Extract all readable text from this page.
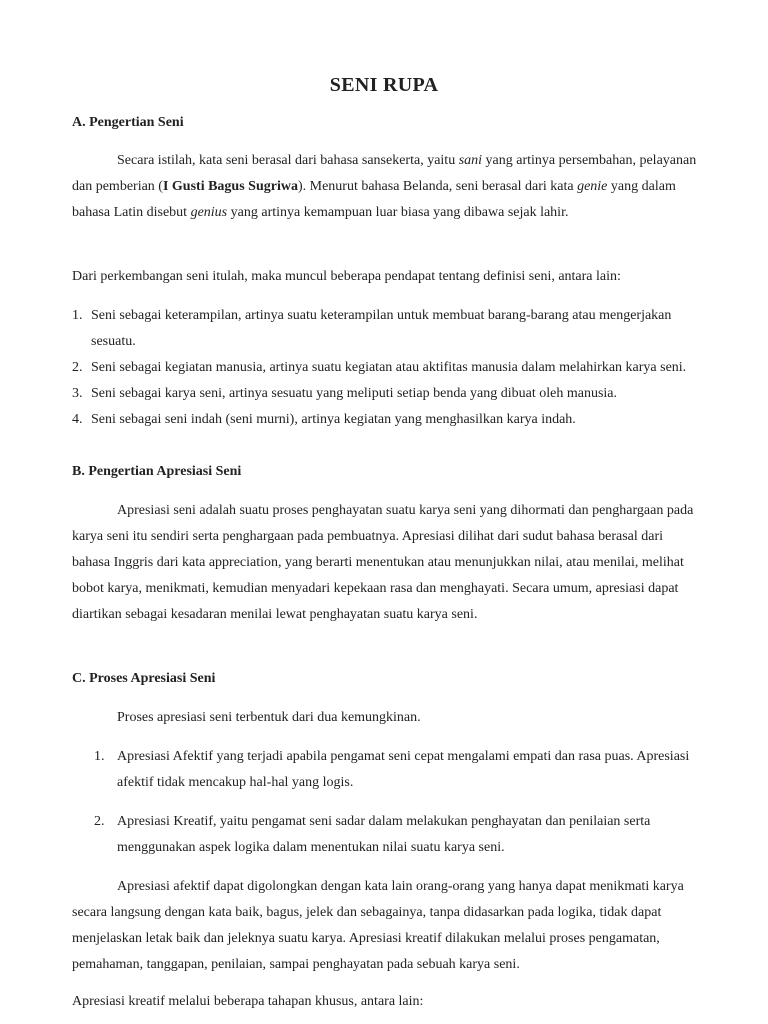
SENI RUPA
A. Pengertian Seni

Secara istilah, kata seni berasal dari bahasa sansekerta, yaitu sani yang artinya persembahan, pelayanan dan pemberian (I Gusti Bagus Sugriwa). Menurut bahasa Belanda, seni berasal dari kata genie yang dalam bahasa Latin disebut genius yang artinya kemampuan luar biasa yang dibawa sejak lahir.

Dari perkembangan seni itulah, maka muncul beberapa pendapat tentang definisi seni, antara lain:

1. Seni sebagai keterampilan, artinya suatu keterampilan untuk membuat barang-barang atau mengerjakan sesuatu.
2. Seni sebagai kegiatan manusia, artinya suatu kegiatan atau aktifitas manusia dalam melahirkan karya seni.
3. Seni sebagai karya seni, artinya sesuatu yang meliputi setiap benda yang dibuat oleh manusia.
4. Seni sebagai seni indah (seni murni), artinya kegiatan yang menghasilkan karya indah.
B. Pengertian Apresiasi Seni

Apresiasi seni adalah suatu proses penghayatan suatu karya seni yang dihormati dan penghargaan pada karya seni itu sendiri serta penghargaan pada pembuatnya. Apresiasi dilihat dari sudut bahasa berasal dari bahasa Inggris dari kata appreciation, yang berarti menentukan atau menunjukkan nilai, atau menilai, melihat bobot karya, menikmati, kemudian menyadari kepekaan rasa dan menghayati. Secara umum, apresiasi dapat diartikan sebagai kesadaran menilai lewat penghayatan suatu karya seni.

C. Proses Apresiasi Seni

Proses apresiasi seni terbentuk dari dua kemungkinan.

1. Apresiasi Afektif yang terjadi apabila pengamat seni cepat mengalami empati dan rasa puas. Apresiasi afektif tidak mencakup hal-hal yang logis.
2. Apresiasi Kreatif, yaitu pengamat seni sadar dalam melakukan penghayatan dan penilaian serta menggunakan aspek logika dalam menentukan nilai suatu karya seni.

Apresiasi afektif dapat digolongkan dengan kata lain orang-orang yang hanya dapat menikmati karya secara langsung dengan kata baik, bagus, jelek dan sebagainya, tanpa didasarkan pada logika, tidak dapat menjelaskan letak baik dan jeleknya suatu karya. Apresiasi kreatif dilakukan melalui proses pengamatan, pemahaman, tanggapan, penilaian, sampai penghayatan pada sebuah karya seni.

Apresiasi kreatif melalui beberapa tahapan khusus, antara lain:
